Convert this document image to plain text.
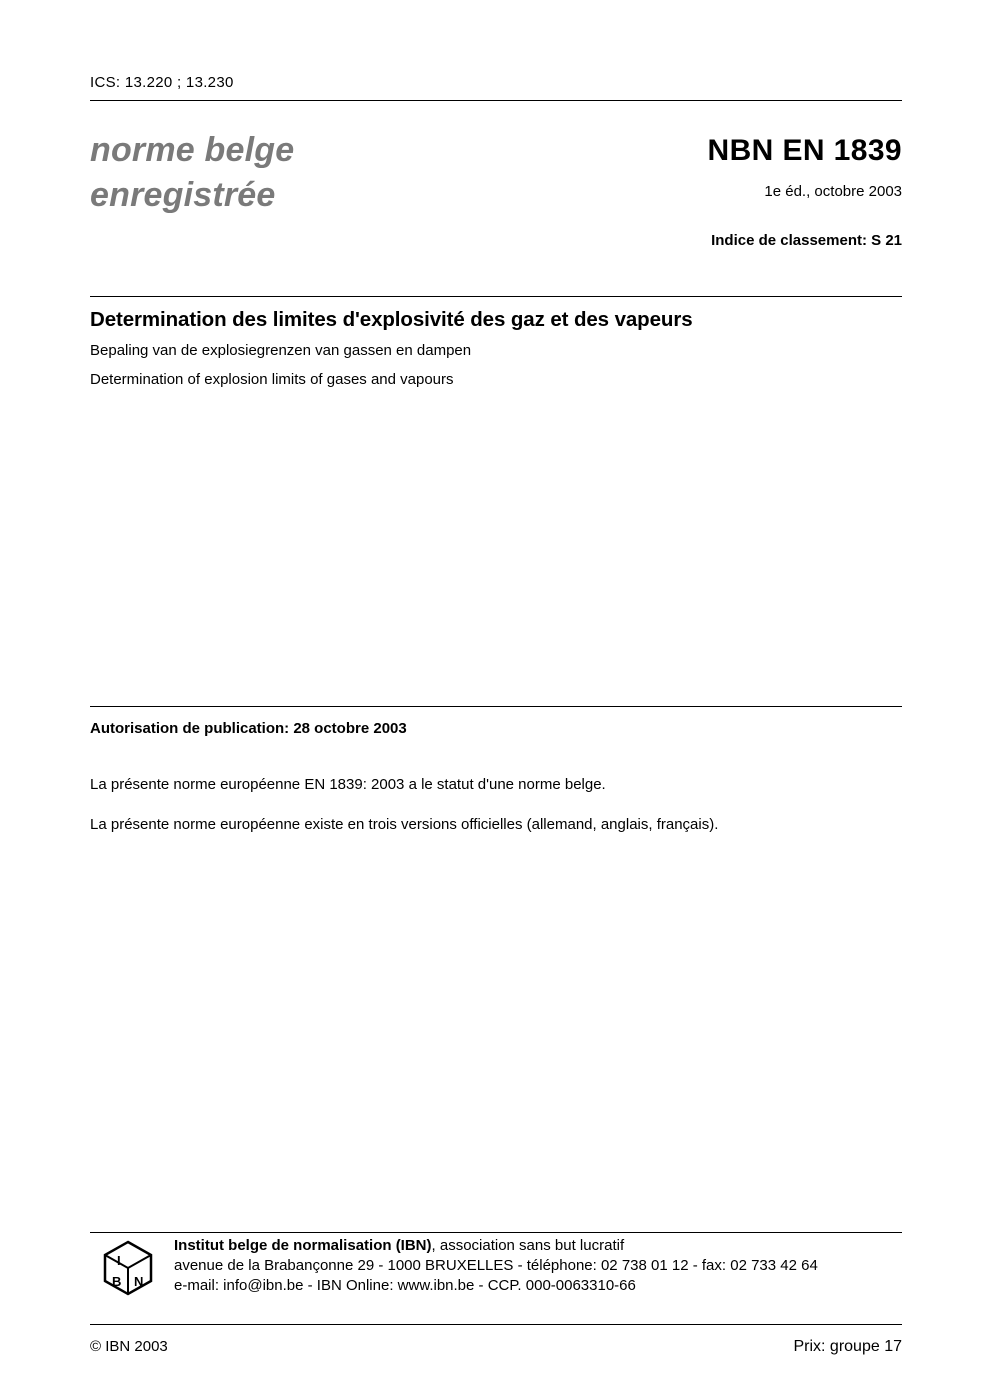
ICS: 13.220 ; 13.230
norme belge
enregistrée
NBN EN 1839
1e éd., octobre 2003
Indice de classement: S 21
Determination des limites d'explosivité des gaz et des vapeurs
Bepaling van de explosiegrenzen van gassen en dampen
Determination of explosion limits of gases and vapours
Autorisation de publication: 28 octobre 2003
La présente norme européenne EN 1839: 2003 a le statut d'une norme belge.
La présente norme européenne existe en trois versions officielles (allemand, anglais, français).
I
B N
Institut belge de normalisation (IBN), association sans but lucratif
avenue de la Brabançonne 29 - 1000 BRUXELLES - téléphone: 02 738 01 12 - fax: 02 733 42 64
e-mail: info@ibn.be - IBN Online: www.ibn.be - CCP. 000-0063310-66
© IBN 2003	Prix: groupe 17
